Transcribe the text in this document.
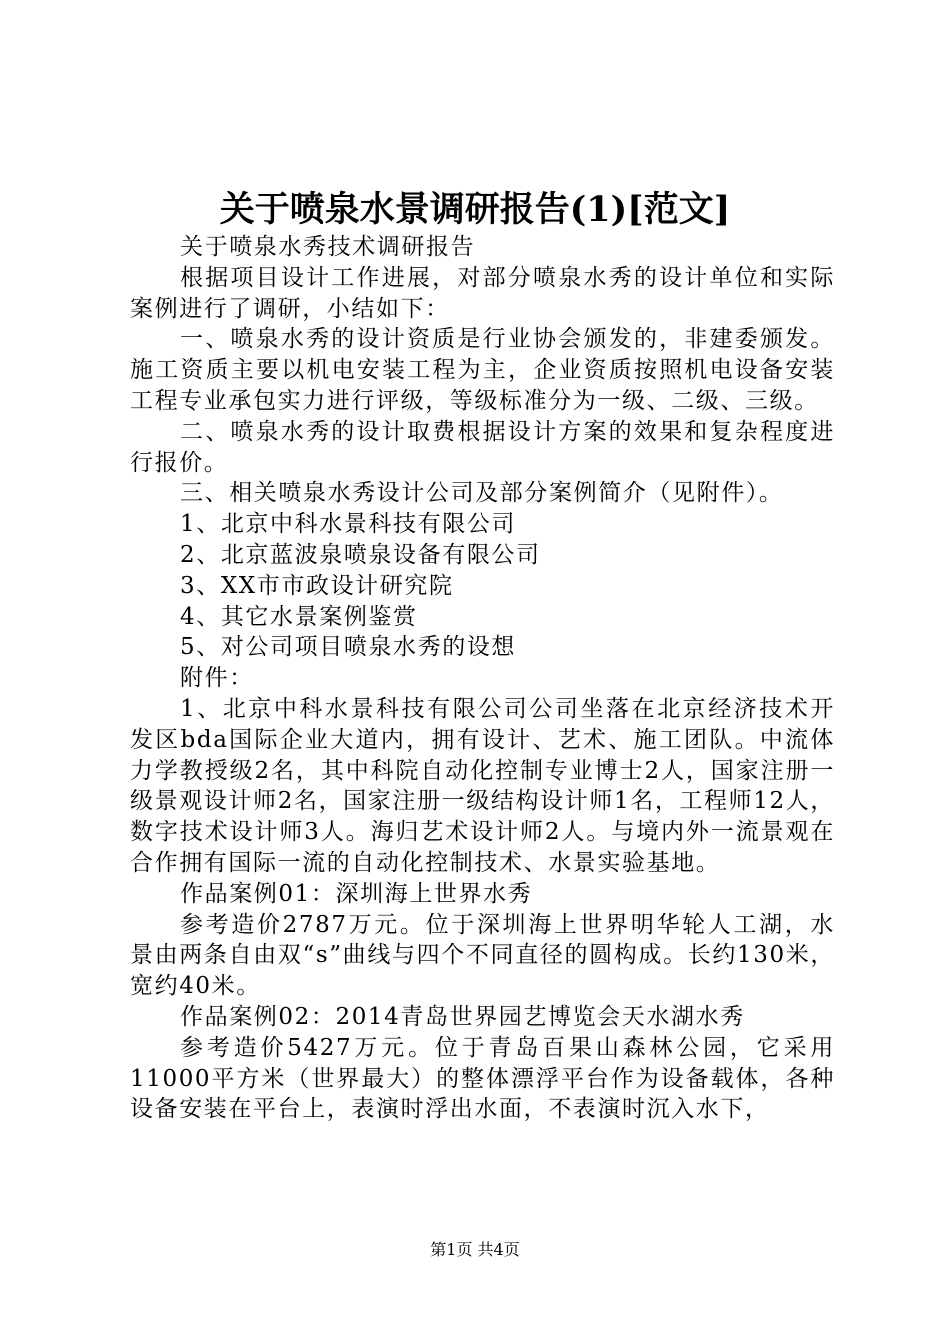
关于喷泉水景调研报告(1)[范文]

关于喷泉水秀技术调研报告

根据项目设计工作进展，对部分喷泉水秀的设计单位和实际案例进行了调研，小结如下：

一、喷泉水秀的设计资质是行业协会颁发的，非建委颁发。施工资质主要以机电安装工程为主，企业资质按照机电设备安装工程专业承包实力进行评级，等级标准分为一级、二级、三级。

二、喷泉水秀的设计取费根据设计方案的效果和复杂程度进行报价。

三、相关喷泉水秀设计公司及部分案例简介（见附件）。

1、北京中科水景科技有限公司

2、北京蓝波泉喷泉设备有限公司

3、XX市市政设计研究院

4、其它水景案例鉴赏

5、对公司项目喷泉水秀的设想

附件：

1、北京中科水景科技有限公司公司坐落在北京经济技术开发区bda国际企业大道内，拥有设计、艺术、施工团队。中流体力学教授级2名，其中科院自动化控制专业博士2人，国家注册一级景观设计师2名，国家注册一级结构设计师1名，工程师12人，数字技术设计师3人。海归艺术设计师2人。与境内外一流景观在合作拥有国际一流的自动化控制技术、水景实验基地。

作品案例01：深圳海上世界水秀

参考造价2787万元。位于深圳海上世界明华轮人工湖，水景由两条自由双“s”曲线与四个不同直径的圆构成。长约130米，宽约40米。

作品案例02：2014青岛世界园艺博览会天水湖水秀

参考造价5427万元。位于青岛百果山森林公园，它采用11000平方米（世界最大）的整体漂浮平台作为设备载体，各种设备安装在平台上，表演时浮出水面，不表演时沉入水下，

第1页 共4页
